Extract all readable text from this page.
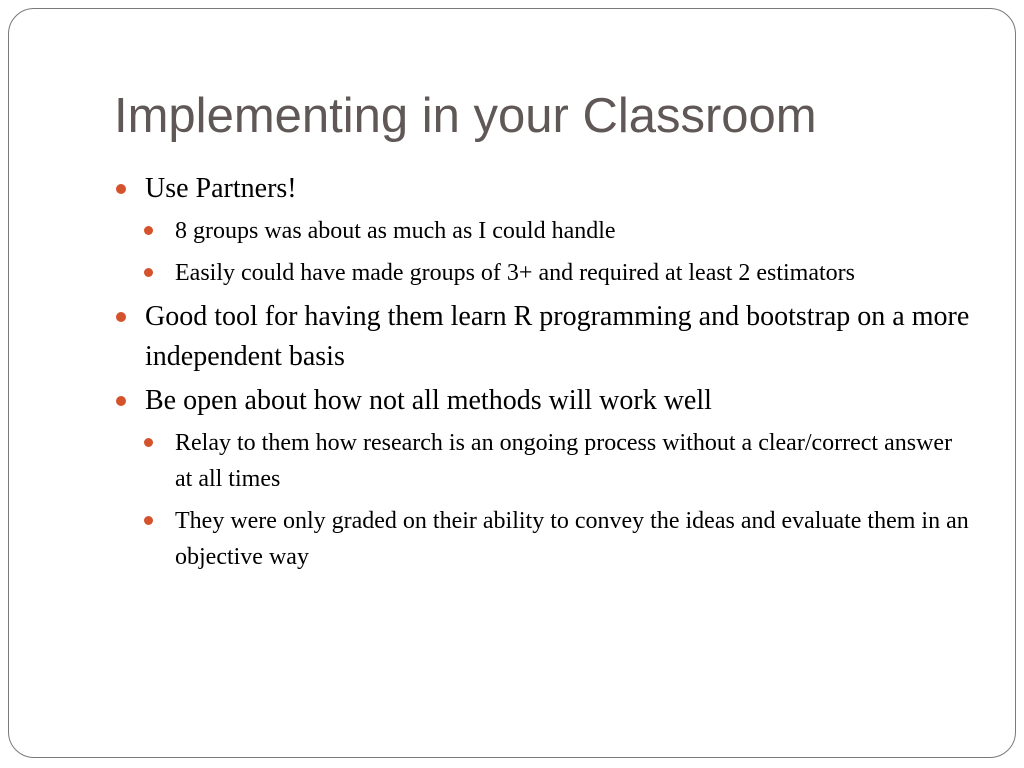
Implementing in your Classroom
Use Partners!
8 groups was about as much as I could handle
Easily could have made groups of 3+ and required at least 2 estimators
Good tool for having them learn R programming and bootstrap on a more independent basis
Be open about how not all methods will work well
Relay to them how research is an ongoing process without a clear/correct answer at all times
They were only graded on their ability to convey the ideas and evaluate them in an objective way
